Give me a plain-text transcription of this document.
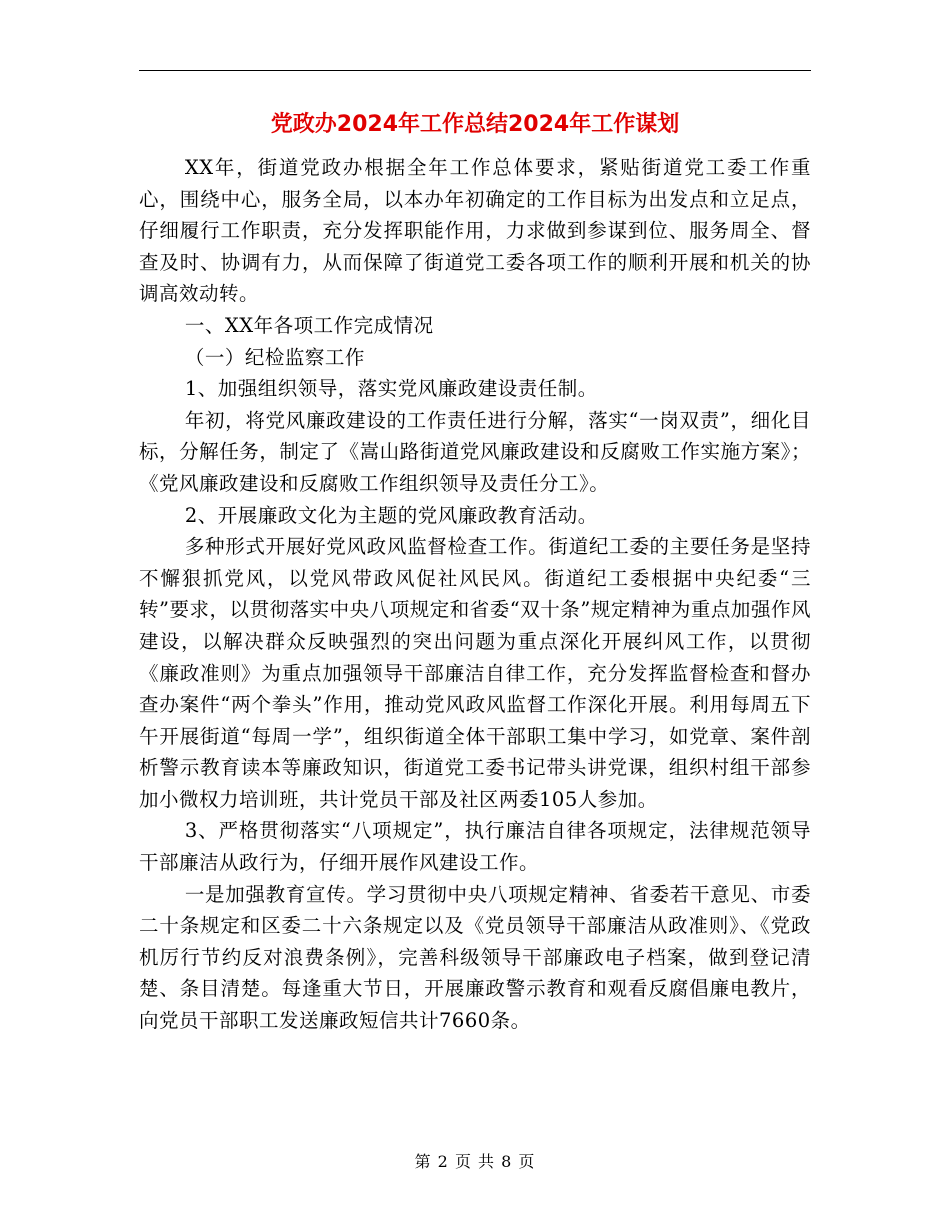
党政办2024年工作总结2024年工作谋划

XX年，街道党政办根据全年工作总体要求，紧贴街道党工委工作重心，围绕中心，服务全局，以本办年初确定的工作目标为出发点和立足点，仔细履行工作职责，充分发挥职能作用，力求做到参谋到位、服务周全、督查及时、协调有力，从而保障了街道党工委各项工作的顺利开展和机关的协调高效动转。

一、XX年各项工作完成情况

（一）纪检监察工作

1、加强组织领导，落实党风廉政建设责任制。

年初，将党风廉政建设的工作责任进行分解，落实“一岗双责”，细化目标，分解任务，制定了《嵩山路街道党风廉政建设和反腐败工作实施方案》；《党风廉政建设和反腐败工作组织领导及责任分工》。

2、开展廉政文化为主题的党风廉政教育活动。

多种形式开展好党风政风监督检查工作。街道纪工委的主要任务是坚持不懈狠抓党风，以党风带政风促社风民风。街道纪工委根据中央纪委“三转”要求，以贯彻落实中央八项规定和省委“双十条”规定精神为重点加强作风建设，以解决群众反映强烈的突出问题为重点深化开展纠风工作，以贯彻《廉政准则》为重点加强领导干部廉洁自律工作，充分发挥监督检查和督办查办案件“两个拳头”作用，推动党风政风监督工作深化开展。利用每周五下午开展街道“每周一学”，组织街道全体干部职工集中学习，如党章、案件剖析警示教育读本等廉政知识，街道党工委书记带头讲党课，组织村组干部参加小微权力培训班，共计党员干部及社区两委105人参加。

3、严格贯彻落实“八项规定”，执行廉洁自律各项规定，法律规范领导干部廉洁从政行为，仔细开展作风建设工作。

一是加强教育宣传。学习贯彻中央八项规定精神、省委若干意见、市委二十条规定和区委二十六条规定以及《党员领导干部廉洁从政准则》、《党政机厉行节约反对浪费条例》，完善科级领导干部廉政电子档案，做到登记清楚、条目清楚。每逢重大节日，开展廉政警示教育和观看反腐倡廉电教片，向党员干部职工发送廉政短信共计7660条。

第 2 页 共 8 页
